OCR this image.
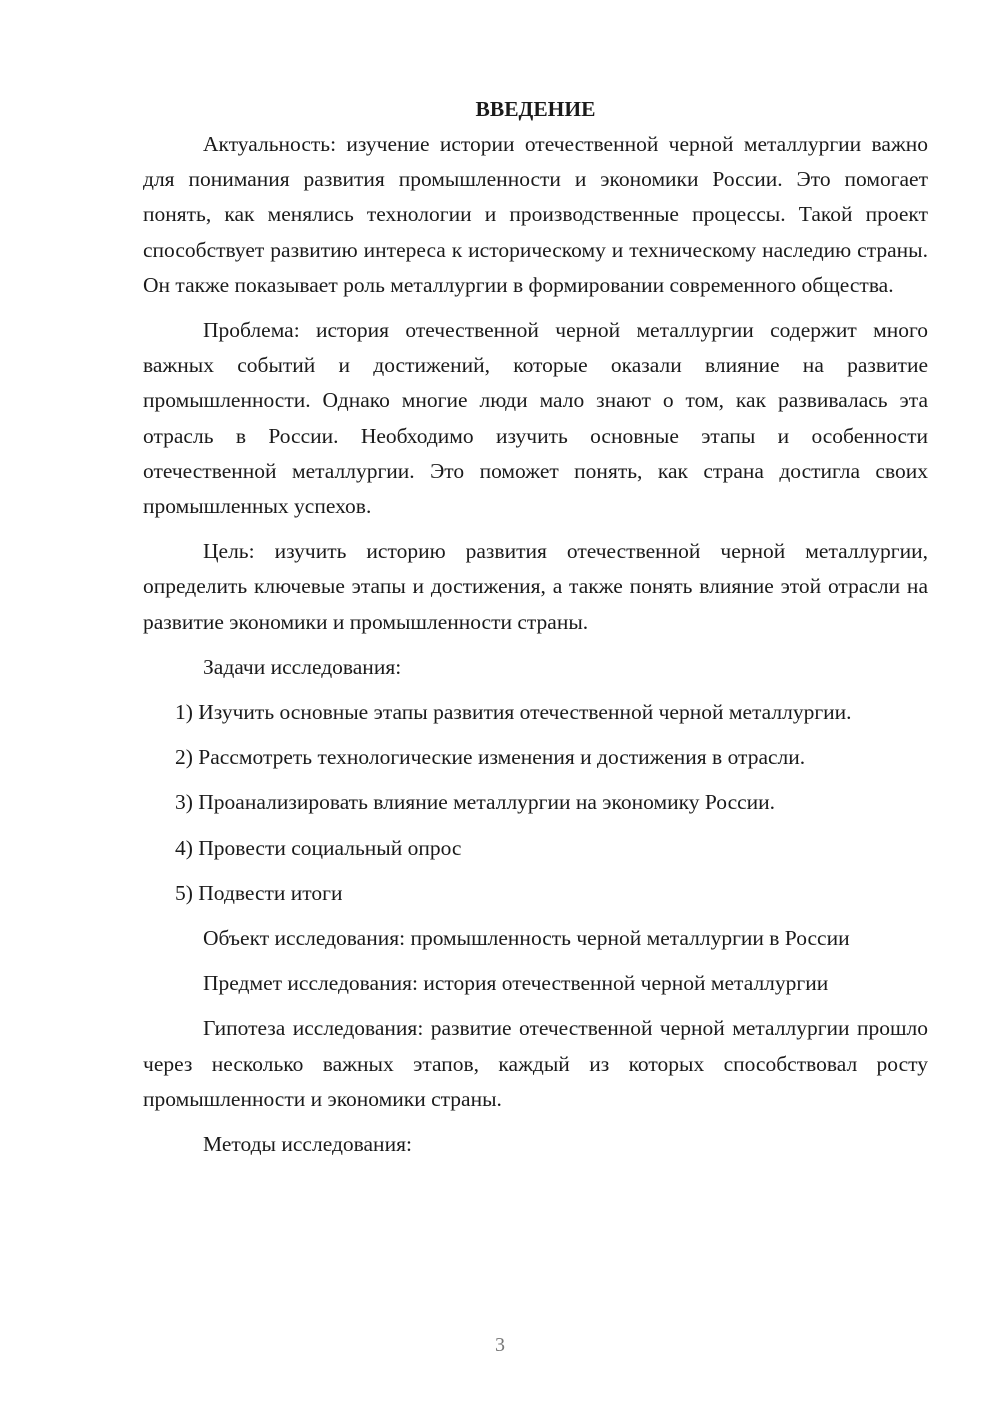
ВВЕДЕНИЕ

Актуальность: изучение истории отечественной черной металлургии важно для понимания развития промышленности и экономики России. Это помогает понять, как менялись технологии и производственные процессы. Такой проект способствует развитию интереса к историческому и техническому наследию страны. Он также показывает роль металлургии в формировании современного общества.

Проблема: история отечественной черной металлургии содержит много важных событий и достижений, которые оказали влияние на развитие промышленности. Однако многие люди мало знают о том, как развивалась эта отрасль в России. Необходимо изучить основные этапы и особенности отечественной металлургии. Это поможет понять, как страна достигла своих промышленных успехов.

Цель: изучить историю развития отечественной черной металлургии, определить ключевые этапы и достижения, а также понять влияние этой отрасли на развитие экономики и промышленности страны.

Задачи исследования:

1) Изучить основные этапы развития отечественной черной металлургии.

2) Рассмотреть технологические изменения и достижения в отрасли.

3) Проанализировать влияние металлургии на экономику России.

4) Провести социальный опрос

5) Подвести итоги

Объект исследования: промышленность черной металлургии в России

Предмет исследования: история отечественной черной металлургии

Гипотеза исследования: развитие отечественной черной металлургии прошло через несколько важных этапов, каждый из которых способствовал росту промышленности и экономики страны.

Методы исследования:

3
